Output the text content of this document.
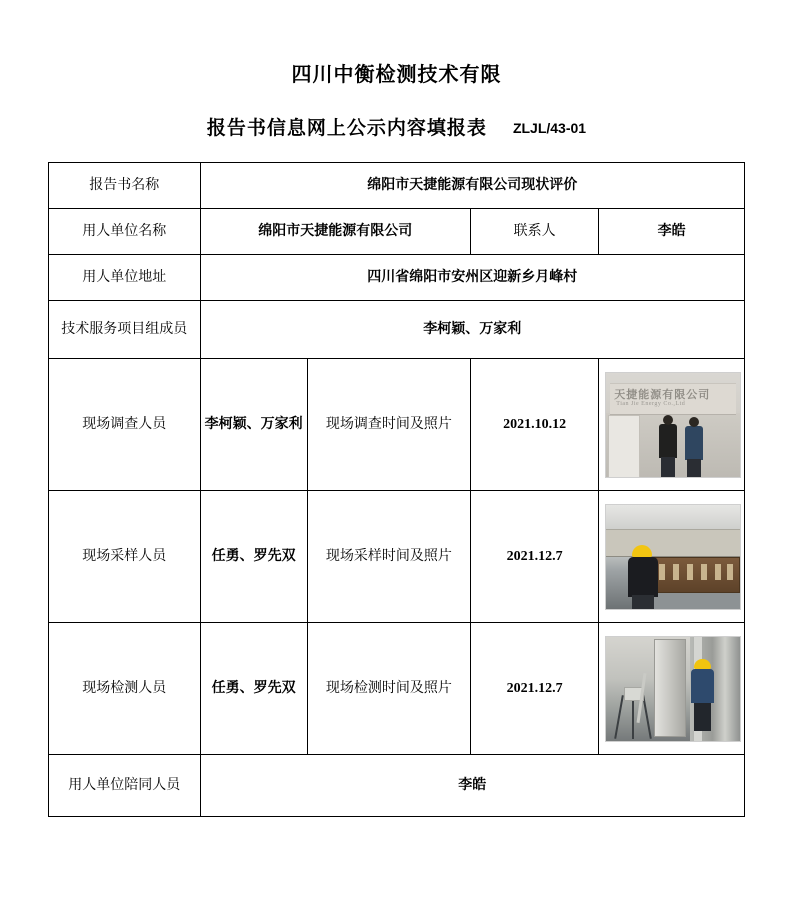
四川中衡检测技术有限
报告书信息网上公示内容填报表 ZLJL/43-01
报告书名称	绵阳市天捷能源有限公司现状评价			
用人单位名称	绵阳市天捷能源有限公司		联系人	李皓
用人单位地址	四川省绵阳市安州区迎新乡月峰村			
技术服务项目组成员	李柯颖、万家利			
现场调查人员	李柯颖、万家利	现场调查时间及照片	2021.10.12	天捷能源有限公司
Tian Jie Energy Co.,Ltd

现场采样人员	任勇、罗先双	现场采样时间及照片	2021.12.7	

现场检测人员	任勇、罗先双	现场检测时间及照片	2021.12.7	

用人单位陪同人员	李皓			
